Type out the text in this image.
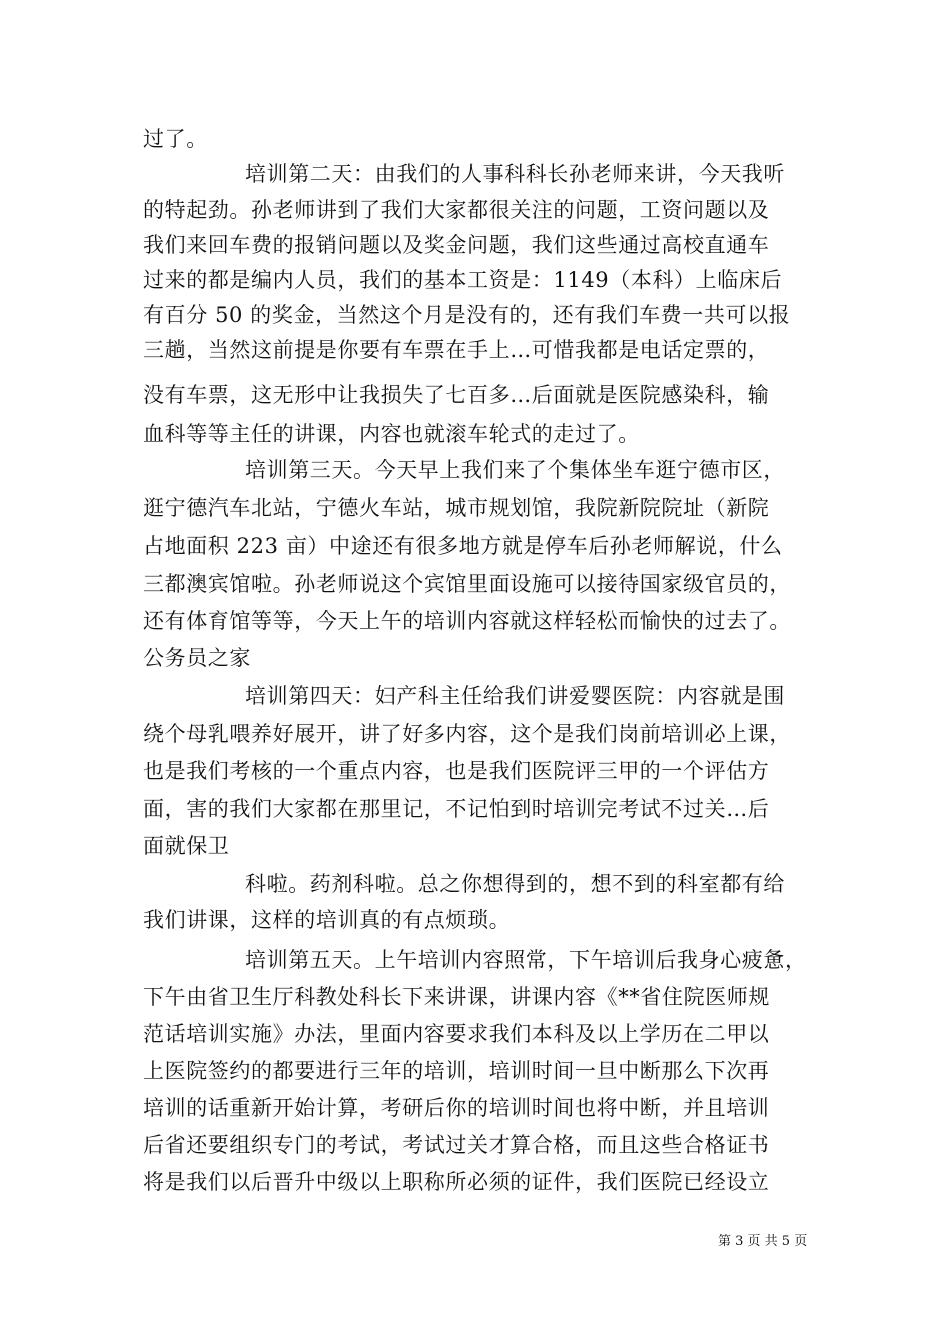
过了。
培训第二天：由我们的人事科科长孙老师来讲，今天我听
的特起劲。孙老师讲到了我们大家都很关注的问题，工资问题以及
我们来回车费的报销问题以及奖金问题，我们这些通过高校直通车
过来的都是编内人员，我们的基本工资是：1149（本科）上临床后
有百分 50 的奖金，当然这个月是没有的，还有我们车费一共可以报
三趟，当然这前提是你要有车票在手上…可惜我都是电话定票的，
没有车票，这无形中让我损失了七百多…后面就是医院感染科，输
血科等等主任的讲课，内容也就滚车轮式的走过了。
培训第三天。今天早上我们来了个集体坐车逛宁德市区，
逛宁德汽车北站，宁德火车站，城市规划馆，我院新院院址（新院
占地面积 223 亩）中途还有很多地方就是停车后孙老师解说，什么
三都澳宾馆啦。孙老师说这个宾馆里面设施可以接待国家级官员的，
还有体育馆等等，今天上午的培训内容就这样轻松而愉快的过去了。
公务员之家
培训第四天：妇产科主任给我们讲爱婴医院：内容就是围
绕个母乳喂养好展开，讲了好多内容，这个是我们岗前培训必上课，
也是我们考核的一个重点内容，也是我们医院评三甲的一个评估方
面，害的我们大家都在那里记，不记怕到时培训完考试不过关…后
面就保卫
科啦。药剂科啦。总之你想得到的，想不到的科室都有给
我们讲课，这样的培训真的有点烦琐。
培训第五天。上午培训内容照常，下午培训后我身心疲惫，
下午由省卫生厅科教处科长下来讲课，讲课内容《**省住院医师规
范话培训实施》办法，里面内容要求我们本科及以上学历在二甲以
上医院签约的都要进行三年的培训，培训时间一旦中断那么下次再
培训的话重新开始计算，考研后你的培训时间也将中断，并且培训
后省还要组织专门的考试，考试过关才算合格，而且这些合格证书
将是我们以后晋升中级以上职称所必须的证件，我们医院已经设立
第 3 页 共 5 页
